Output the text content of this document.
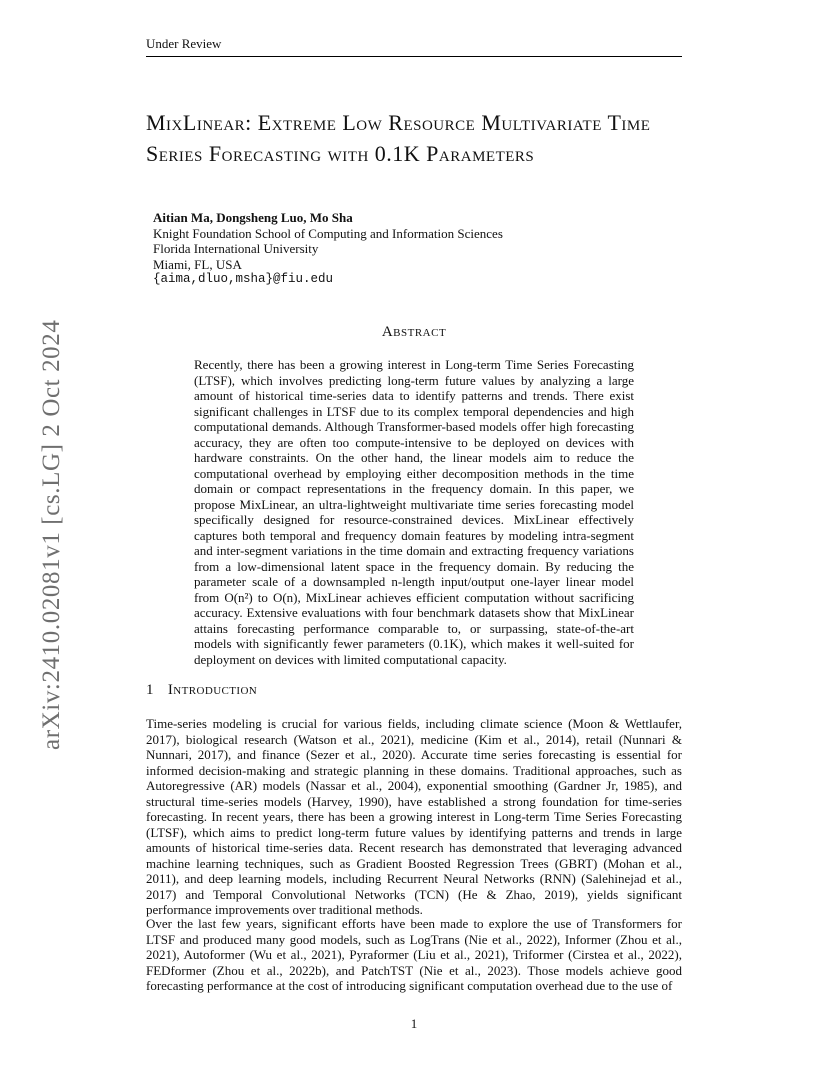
Under Review
arXiv:2410.02081v1 [cs.LG] 2 Oct 2024
MixLinear: Extreme Low Resource Multivariate Time Series Forecasting with 0.1K Parameters
Aitian Ma, Dongsheng Luo, Mo Sha
Knight Foundation School of Computing and Information Sciences
Florida International University
Miami, FL, USA
{aima,dluo,msha}@fiu.edu
Abstract

Recently, there has been a growing interest in Long-term Time Series Forecasting (LTSF), which involves predicting long-term future values by analyzing a large amount of historical time-series data to identify patterns and trends. There exist significant challenges in LTSF due to its complex temporal dependencies and high computational demands. Although Transformer-based models offer high forecasting accuracy, they are often too compute-intensive to be deployed on devices with hardware constraints. On the other hand, the linear models aim to reduce the computational overhead by employing either decomposition methods in the time domain or compact representations in the frequency domain. In this paper, we propose MixLinear, an ultra-lightweight multivariate time series forecasting model specifically designed for resource-constrained devices. MixLinear effectively captures both temporal and frequency domain features by modeling intra-segment and inter-segment variations in the time domain and extracting frequency variations from a low-dimensional latent space in the frequency domain. By reducing the parameter scale of a downsampled n-length input/output one-layer linear model from O(n²) to O(n), MixLinear achieves efficient computation without sacrificing accuracy. Extensive evaluations with four benchmark datasets show that MixLinear attains forecasting performance comparable to, or surpassing, state-of-the-art models with significantly fewer parameters (0.1K), which makes it well-suited for deployment on devices with limited computational capacity.

1 Introduction

Time-series modeling is crucial for various fields, including climate science (Moon & Wettlaufer, 2017), biological research (Watson et al., 2021), medicine (Kim et al., 2014), retail (Nunnari & Nunnari, 2017), and finance (Sezer et al., 2020). Accurate time series forecasting is essential for informed decision-making and strategic planning in these domains. Traditional approaches, such as Autoregressive (AR) models (Nassar et al., 2004), exponential smoothing (Gardner Jr, 1985), and structural time-series models (Harvey, 1990), have established a strong foundation for time-series forecasting. In recent years, there has been a growing interest in Long-term Time Series Forecasting (LTSF), which aims to predict long-term future values by identifying patterns and trends in large amounts of historical time-series data. Recent research has demonstrated that leveraging advanced machine learning techniques, such as Gradient Boosted Regression Trees (GBRT) (Mohan et al., 2011), and deep learning models, including Recurrent Neural Networks (RNN) (Salehinejad et al., 2017) and Temporal Convolutional Networks (TCN) (He & Zhao, 2019), yields significant performance improvements over traditional methods.

Over the last few years, significant efforts have been made to explore the use of Transformers for LTSF and produced many good models, such as LogTrans (Nie et al., 2022), Informer (Zhou et al., 2021), Autoformer (Wu et al., 2021), Pyraformer (Liu et al., 2021), Triformer (Cirstea et al., 2022), FEDformer (Zhou et al., 2022b), and PatchTST (Nie et al., 2023). Those models achieve good forecasting performance at the cost of introducing significant computation overhead due to the use of

1
